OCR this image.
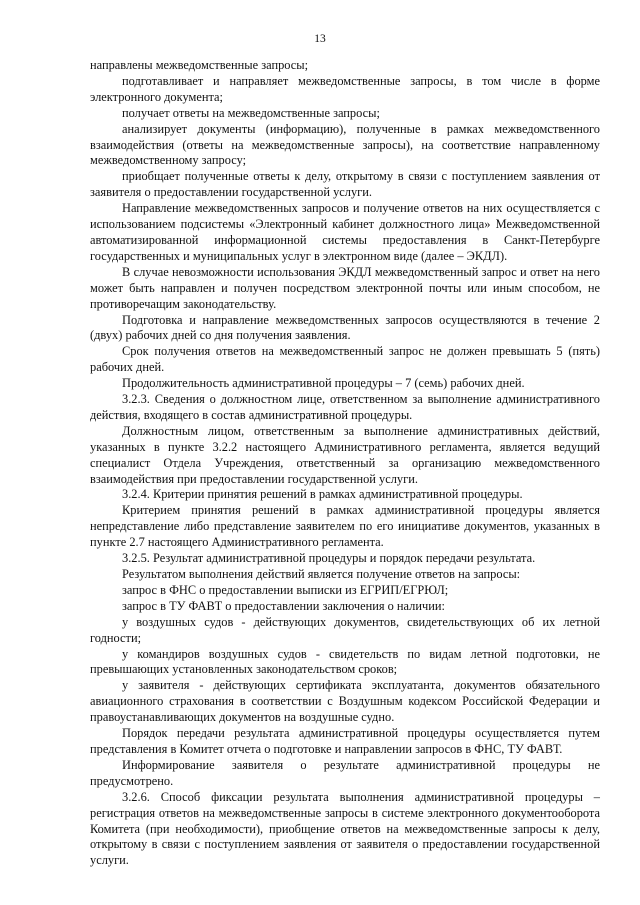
13

направлены межведомственные запросы;

подготавливает и направляет межведомственные запросы, в том числе в форме электронного документа;

получает ответы на межведомственные запросы;

анализирует документы (информацию), полученные в рамках межведомственного взаимодействия (ответы на межведомственные запросы), на соответствие направленному межведомственному запросу;

приобщает полученные ответы к делу, открытому в связи с поступлением заявления от заявителя о предоставлении государственной услуги.

Направление межведомственных запросов и получение ответов на них осуществляется с использованием подсистемы «Электронный кабинет должностного лица» Межведомственной автоматизированной информационной системы предоставления в Санкт-Петербурге государственных и муниципальных услуг в электронном виде (далее – ЭКДЛ).

В случае невозможности использования ЭКДЛ межведомственный запрос и ответ на него может быть направлен и получен посредством электронной почты или иным способом, не противоречащим законодательству.

Подготовка и направление межведомственных запросов осуществляются в течение 2 (двух) рабочих дней со дня получения заявления.

Срок получения ответов на межведомственный запрос не должен превышать 5 (пять) рабочих дней.

Продолжительность административной процедуры – 7 (семь) рабочих дней.

3.2.3. Сведения о должностном лице, ответственном за выполнение административного действия, входящего в состав административной процедуры.

Должностным лицом, ответственным за выполнение административных действий, указанных в пункте 3.2.2 настоящего Административного регламента, является ведущий специалист Отдела Учреждения, ответственный за организацию межведомственного взаимодействия при предоставлении государственной услуги.

3.2.4. Критерии принятия решений в рамках административной процедуры.

Критерием принятия решений в рамках административной процедуры является непредставление либо представление заявителем по его инициативе документов, указанных в пункте 2.7 настоящего Административного регламента.

3.2.5. Результат административной процедуры и порядок передачи результата.

Результатом выполнения действий является получение ответов на запросы:

запрос в ФНС о предоставлении выписки из ЕГРИП/ЕГРЮЛ;

запрос в ТУ ФАВТ о предоставлении заключения о наличии:

у воздушных судов - действующих документов, свидетельствующих об их летной годности;

у командиров воздушных судов - свидетельств по видам летной подготовки, не превышающих установленных законодательством сроков;

у заявителя - действующих сертификата эксплуатанта, документов обязательного авиационного страхования в соответствии с Воздушным кодексом Российской Федерации и правоустанавливающих документов на воздушные судно.

Порядок передачи результата административной процедуры осуществляется путем представления в Комитет отчета о подготовке и направлении запросов в ФНС, ТУ ФАВТ.

Информирование заявителя о результате административной процедуры не предусмотрено.

3.2.6. Способ фиксации результата выполнения административной процедуры – регистрация ответов на межведомственные запросы в системе электронного документооборота Комитета (при необходимости), приобщение ответов на межведомственные запросы к делу, открытому в связи с поступлением заявления от заявителя о предоставлении государственной услуги.
